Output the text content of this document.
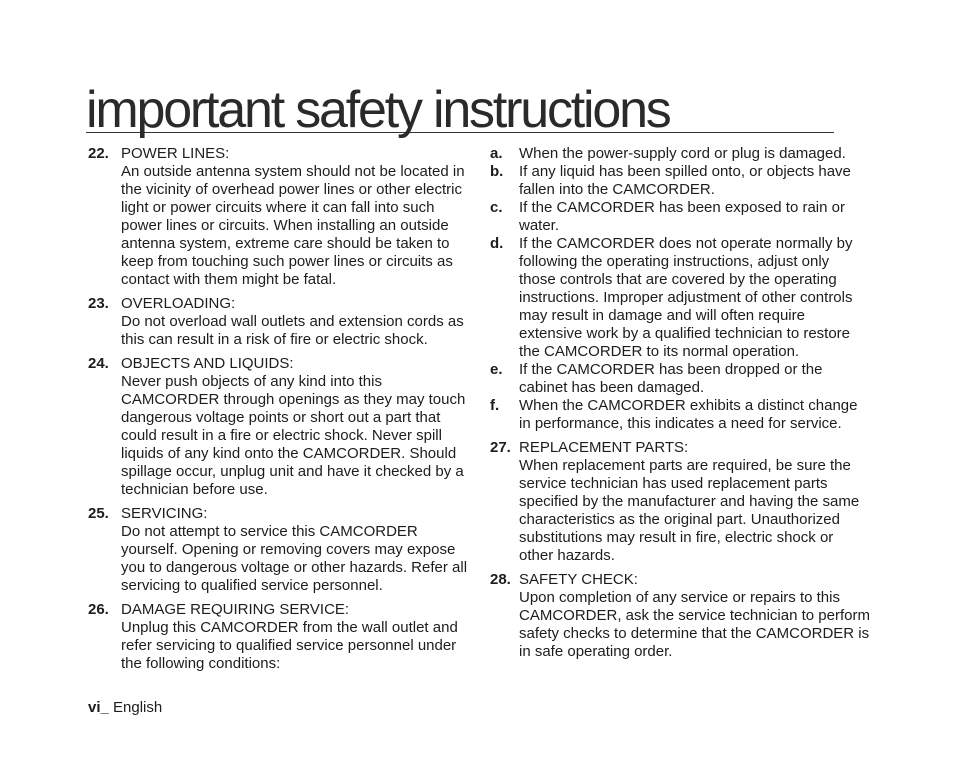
important safety instructions
22. POWER LINES:
An outside antenna system should not be located in the vicinity of overhead power lines or other electric light or power circuits where it can fall into such power lines or circuits. When installing an outside antenna system, extreme care should be taken to keep from touching such power lines or circuits as contact with them might be fatal.
23. OVERLOADING:
Do not overload wall outlets and extension cords as this can result in a risk of fire or electric shock.
24. OBJECTS AND LIQUIDS:
Never push objects of any kind into this CAMCORDER through openings as they may touch dangerous voltage points or short out a part that could result in a fire or electric shock. Never spill liquids of any kind onto the CAMCORDER. Should spillage occur, unplug unit and have it checked by a technician before use.
25. SERVICING:
Do not attempt to service this CAMCORDER yourself. Opening or removing covers may expose you to dangerous voltage or other hazards. Refer all servicing to qualified service personnel.
26. DAMAGE REQUIRING SERVICE:
Unplug this CAMCORDER from the wall outlet and refer servicing to qualified service personnel under the following conditions:
a. When the power-supply cord or plug is damaged.
b. If any liquid has been spilled onto, or objects have fallen into the CAMCORDER.
c. If the CAMCORDER has been exposed to rain or water.
d. If the CAMCORDER does not operate normally by following the operating instructions, adjust only those controls that are covered by the operating instructions. Improper adjustment of other controls may result in damage and will often require extensive work by a qualified technician to restore the CAMCORDER to its normal operation.
e. If the CAMCORDER has been dropped or the cabinet has been damaged.
f. When the CAMCORDER exhibits a distinct change in performance, this indicates a need for service.
27. REPLACEMENT PARTS:
When replacement parts are required, be sure the service technician has used replacement parts specified by the manufacturer and having the same characteristics as the original part. Unauthorized substitutions may result in fire, electric shock or other hazards.
28. SAFETY CHECK:
Upon completion of any service or repairs to this CAMCORDER, ask the service technician to perform safety checks to determine that the CAMCORDER is in safe operating order.
vi_ English
